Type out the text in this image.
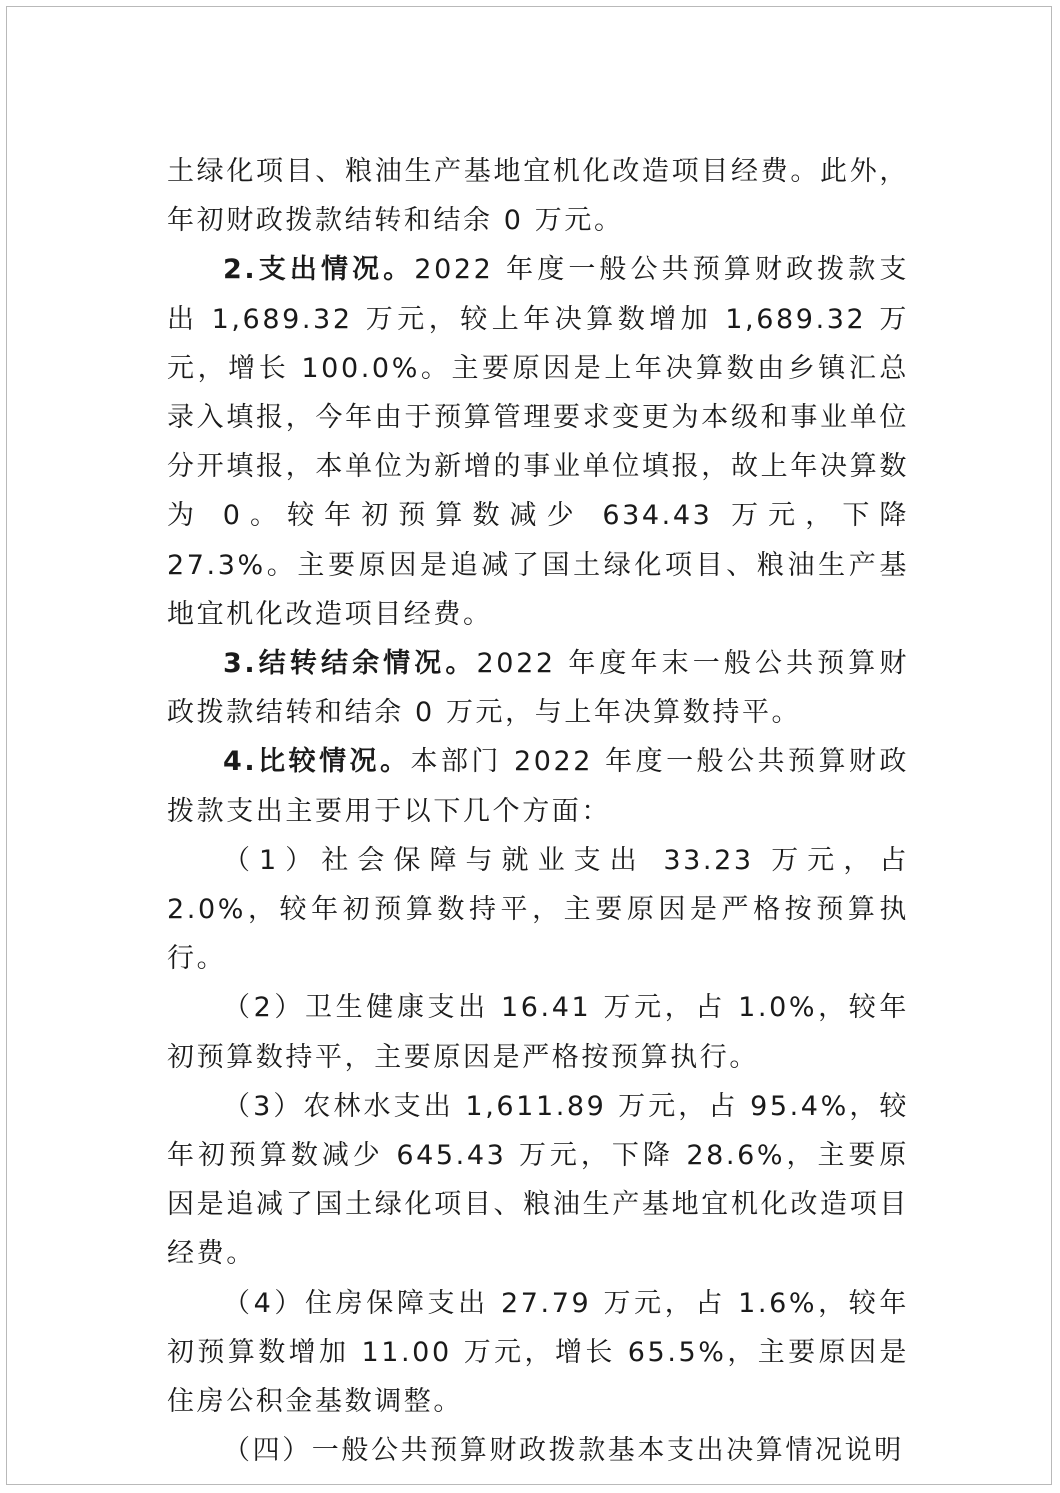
土绿化项目、粮油生产基地宜机化改造项目经费。此外，年初财政拨款结转和结余 0 万元。

2.支出情况。2022 年度一般公共预算财政拨款支出 1,689.32 万元，较上年决算数增加 1,689.32 万元，增长 100.0%。主要原因是上年决算数由乡镇汇总录入填报，今年由于预算管理要求变更为本级和事业单位分开填报，本单位为新增的事业单位填报，故上年决算数为 0。较年初预算数减少 634.43 万元，下降 27.3%。主要原因是追减了国土绿化项目、粮油生产基地宜机化改造项目经费。

3.结转结余情况。2022 年度年末一般公共预算财政拨款结转和结余 0 万元，与上年决算数持平。

4.比较情况。本部门 2022 年度一般公共预算财政拨款支出主要用于以下几个方面：

（1）社会保障与就业支出 33.23 万元，占 2.0%，较年初预算数持平，主要原因是严格按预算执行。

（2）卫生健康支出 16.41 万元，占 1.0%，较年初预算数持平，主要原因是严格按预算执行。

（3）农林水支出 1,611.89 万元，占 95.4%，较年初预算数减少 645.43 万元，下降 28.6%，主要原因是追减了国土绿化项目、粮油生产基地宜机化改造项目经费。

（4）住房保障支出 27.79 万元，占 1.6%，较年初预算数增加 11.00 万元，增长 65.5%，主要原因是住房公积金基数调整。

（四）一般公共预算财政拨款基本支出决算情况说明
